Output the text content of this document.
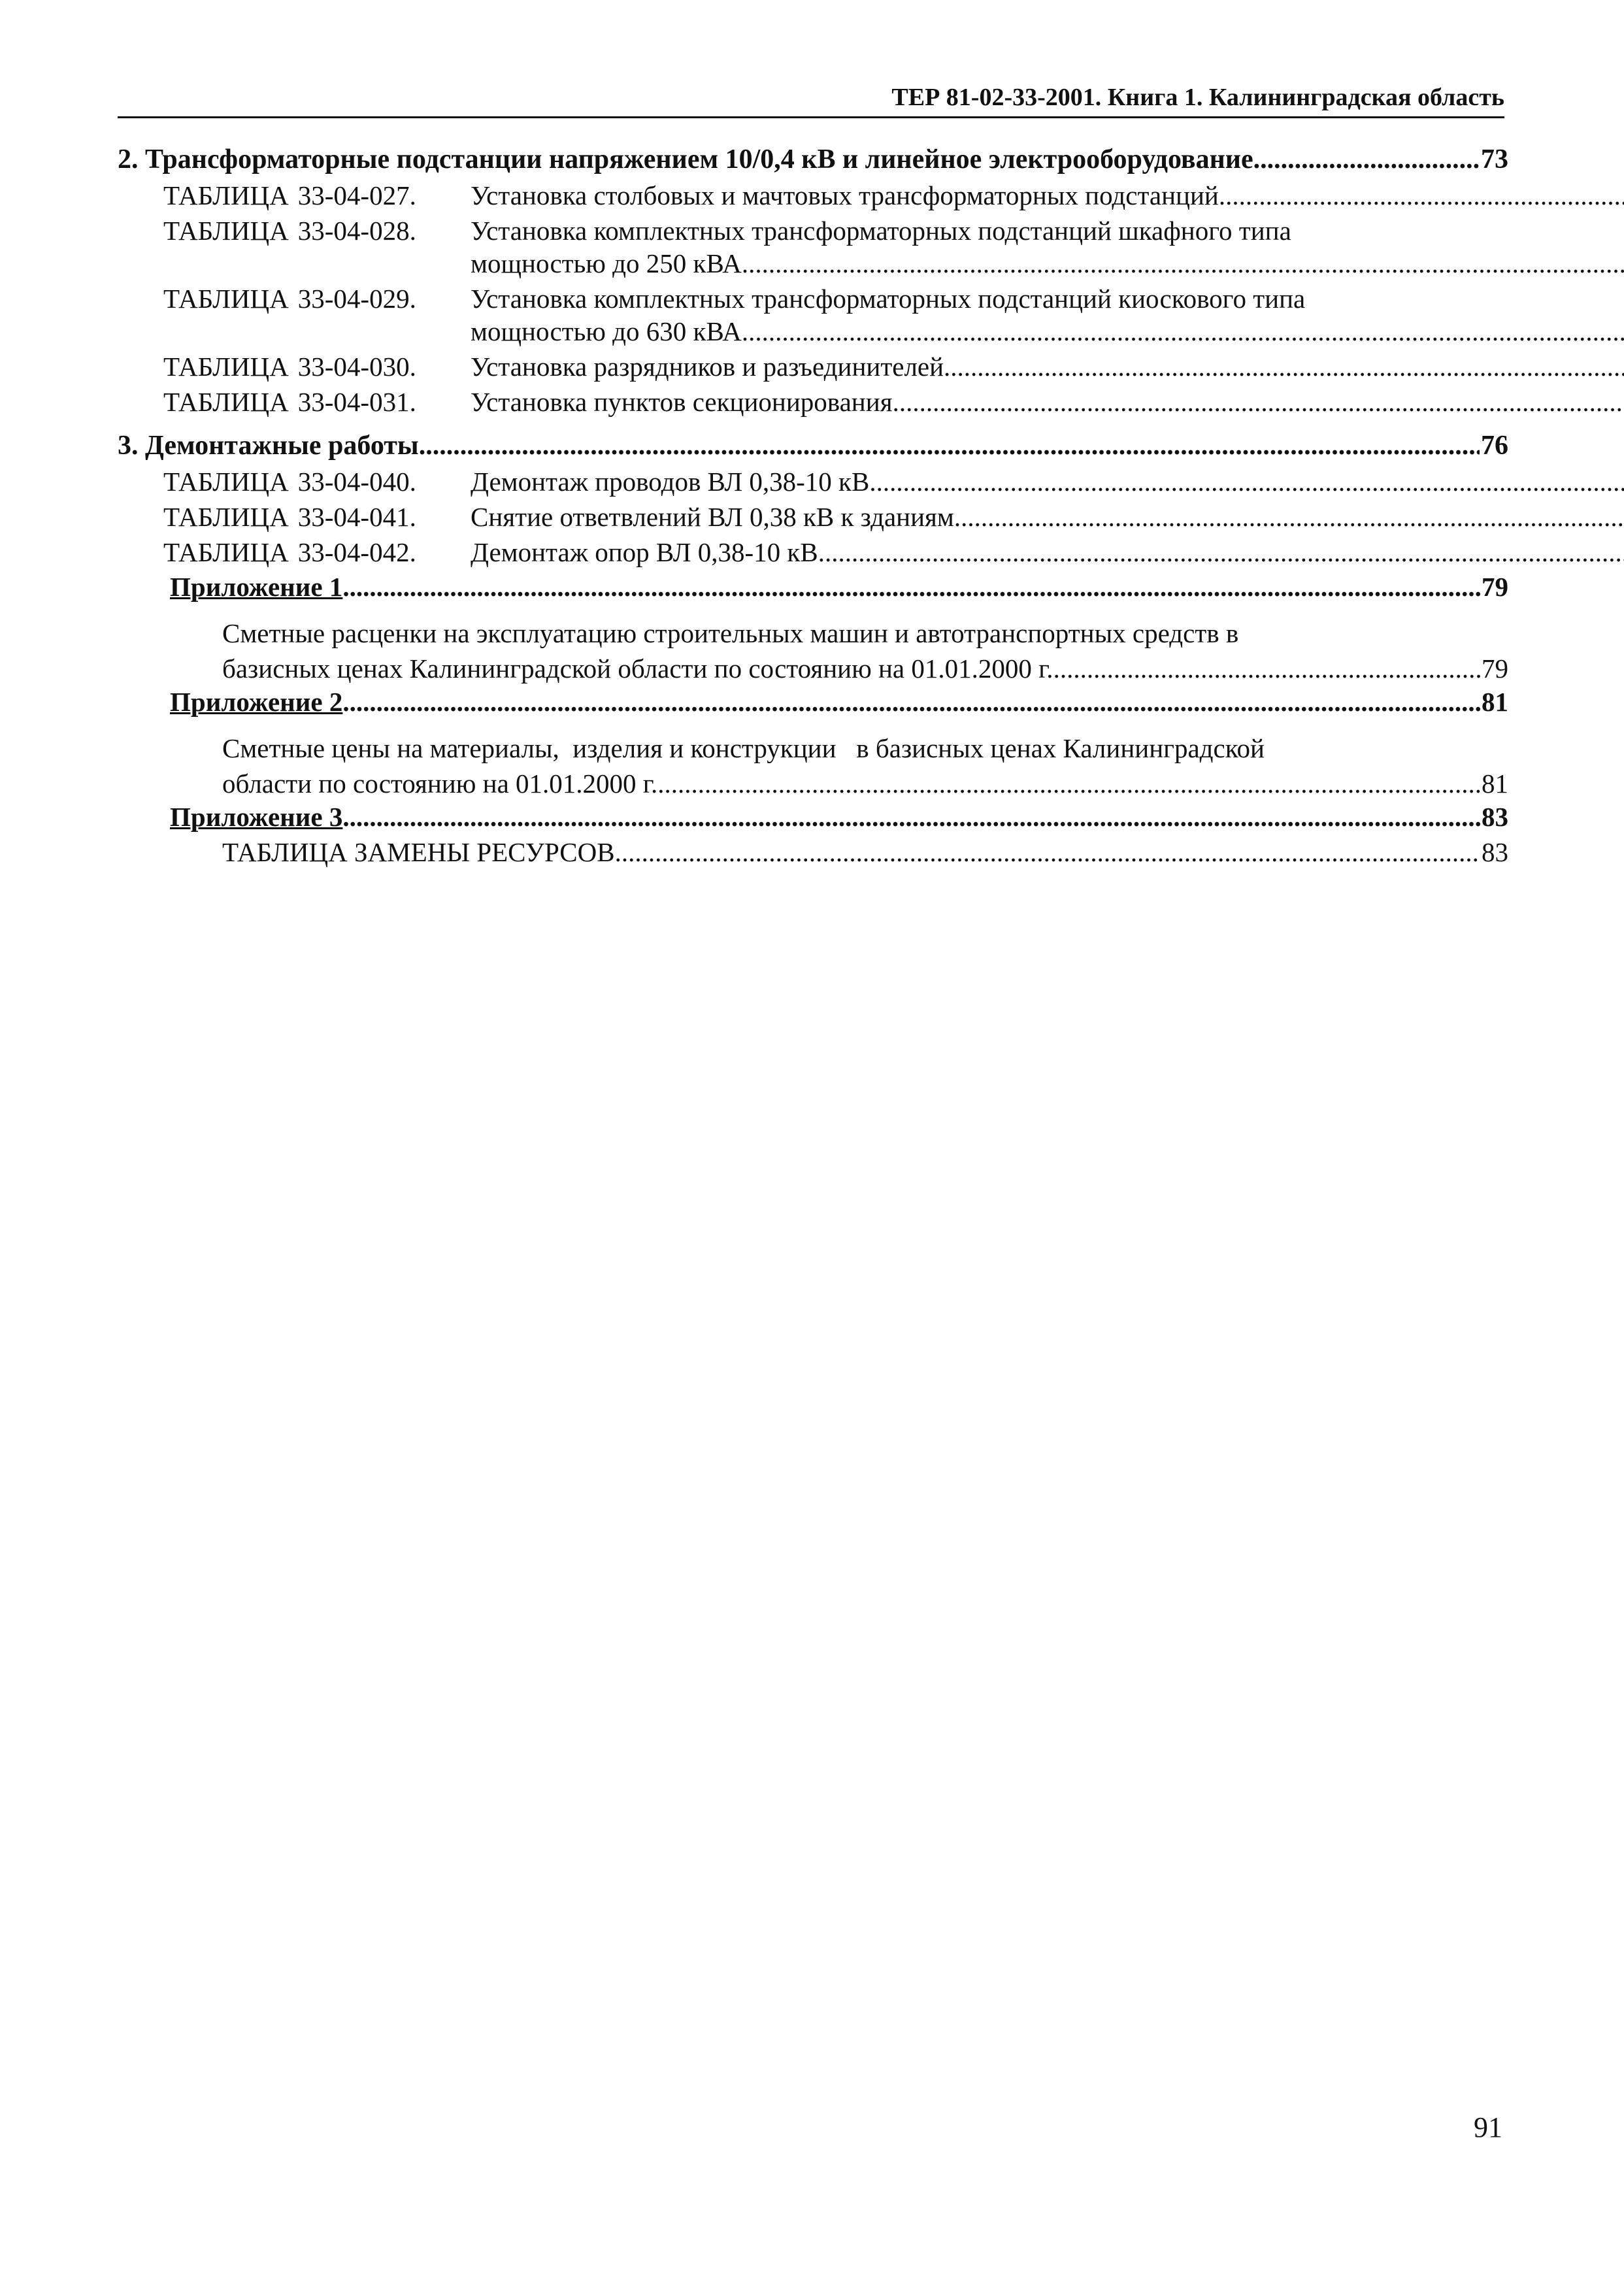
ТЕР 81-02-33-2001. Книга 1. Калининградская область
2. Трансформаторные подстанции напряжением 10/0,4 кВ и линейное электрооборудование .....	73
ТАБЛИЦА 33-04-027.	Установка столбовых и мачтовых трансформаторных подстанций
.....
ТАБЛИЦА 33-04-028.	Установка комплектных трансформаторных подстанций шкафного типа
мощностью до 250 кВА
.....
ТАБЛИЦА 33-04-029.	Установка комплектных трансформаторных подстанций киоскового типа
мощностью до 630 кВА
.....
ТАБЛИЦА 33-04-030.	Установка разрядников и разъединителей
.....
ТАБЛИЦА 33-04-031.	Установка пунктов секционирования
.....
3. Демонтажные работы .....	76
ТАБЛИЦА 33-04-040.	Демонтаж проводов ВЛ 0,38-10 кВ
.....
ТАБЛИЦА 33-04-041.	Снятие ответвлений ВЛ 0,38 кВ к зданиям
.....
ТАБЛИЦА 33-04-042.	Демонтаж опор ВЛ 0,38-10 кВ
.....
Приложение 1 .....	79
Сметные расценки на эксплуатацию строительных машин и автотранспортных средств в
базисных ценах Калининградской области по состоянию на 01.01.2000 г. .....	79
Приложение 2 .....	81
Сметные цены на материалы,  изделия и конструкции   в базисных ценах Калининградской
области по состоянию на 01.01.2000 г. .....	81
Приложение 3 .....	83
ТАБЛИЦА ЗАМЕНЫ РЕСУРСОВ .....	83
91
